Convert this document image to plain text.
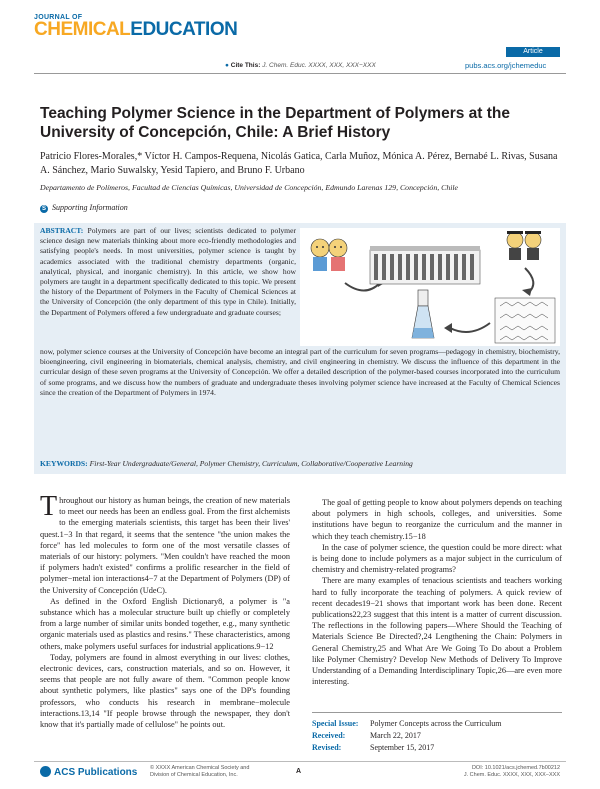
JOURNAL OF
CHEMICALEDUCATION
Article
● Cite This: J. Chem. Educ. XXXX, XXX, XXX−XXX	pubs.acs.org/jchemeduc
Teaching Polymer Science in the Department of Polymers at the University of Concepción, Chile: A Brief History
Patricio Flores-Morales,* Víctor H. Campos-Requena, Nicolás Gatica, Carla Muñoz, Mónica A. Pérez, Bernabé L. Rivas, Susana A. Sánchez, Mario Suwalsky, Yesid Tapiero, and Bruno F. Urbano
Departamento de Polímeros, Facultad de Ciencias Químicas, Universidad de Concepción, Edmundo Larenas 129, Concepción, Chile
S Supporting Information
ABSTRACT: Polymers are part of our lives; scientists dedicated to polymer science design new materials thinking about more eco-friendly methodologies and satisfying people's needs. In most universities, polymer science is taught by academics associated with the traditional chemistry departments (organic, analytical, physical, and inorganic chemistry). In this article, we show how polymers are taught in a department specifically dedicated to this topic. We present the history of the Department of Polymers in the Faculty of Chemical Sciences at the University of Concepción (the only department of this type in Chile). Initially, the Department of Polymers offered a few undergraduate and graduate courses;
now, polymer science courses at the University of Concepción have become an integral part of the curriculum for seven programs—pedagogy in chemistry, biochemistry, bioengineering, civil engineering in biomaterials, chemical analysis, chemistry, and civil engineering in chemistry. We discuss the influence of this department in the curricular design of these seven programs at the University of Concepción. We offer a detailed description of the polymer-based courses incorporated into the curriculum of some programs, and we discuss how the numbers of graduate and undergraduate theses involving polymer science have increased at the Faculty of Chemical Sciences since the creation of the Department of Polymers in 1974.
KEYWORDS: First-Year Undergraduate/General, Polymer Chemistry, Curriculum, Collaborative/Cooperative Learning

Throughout our history as human beings, the creation of new materials to meet our needs has been an endless goal. From the first alchemists to the emerging materials scientists, this target has been their lives' quest.1−3 In that regard, it seems that the sentence "the union makes the force" has led molecules to form one of the most versatile classes of materials of our history: polymers. "Men couldn't have reached the moon if polymers hadn't existed" confirms a prolific researcher in the field of polymer−metal ion interactions4−7 at the Department of Polymers (DP) of the University of Concepción (UdeC).

As defined in the Oxford English Dictionary8, a polymer is "a substance which has a molecular structure built up chiefly or completely from a large number of similar units bonded together, e.g., many synthetic organic materials used as plastics and resins." These characteristics, among others, make polymers useful surfaces for industrial applications.9−12

Today, polymers are found in almost everything in our lives: clothes, electronic devices, cars, construction materials, and so on. However, it seems that people are not fully aware of them. "Common people know about synthetic polymers, like plastics" says one of the DP's founding professors, who conducts his research in membrane−molecule interactions.13,14 "If people browse through the newspaper, they don't know that it's partially made of cellulose" he points out.

The goal of getting people to know about polymers depends on teaching about polymers in high schools, colleges, and universities. Some institutions have begun to reorganize the curriculum and the manner in which they teach chemistry.15−18

In the case of polymer science, the question could be more direct: what is being done to include polymers as a major subject in the curriculum of chemistry and chemistry-related programs?

There are many examples of tenacious scientists and teachers working hard to fully incorporate the teaching of polymers. A quick review of recent decades19−21 shows that important work has been done. Recent publications22,23 suggest that this intent is a matter of current discussion. The reflections in the following papers—Where Should the Teaching of Materials Science Be Directed?,24 Lengthening the Chain: Polymers in General Chemistry,25 and What Are We Going To Do about a Problem like Polymer Chemistry? Develop New Methods of Delivery To Improve Understanding of a Demanding Interdisciplinary Topic,26—are even more interesting.

Special Issue: Polymer Concepts across the Curriculum
Received:	March 22, 2017
Revised:	September 15, 2017
ACS Publications © XXXX American Chemical Society and
Division of Chemical Education, Inc.	A	DOI: 10.1021/acs.jchemed.7b00212
J. Chem. Educ. XXXX, XXX, XXX−XXX
